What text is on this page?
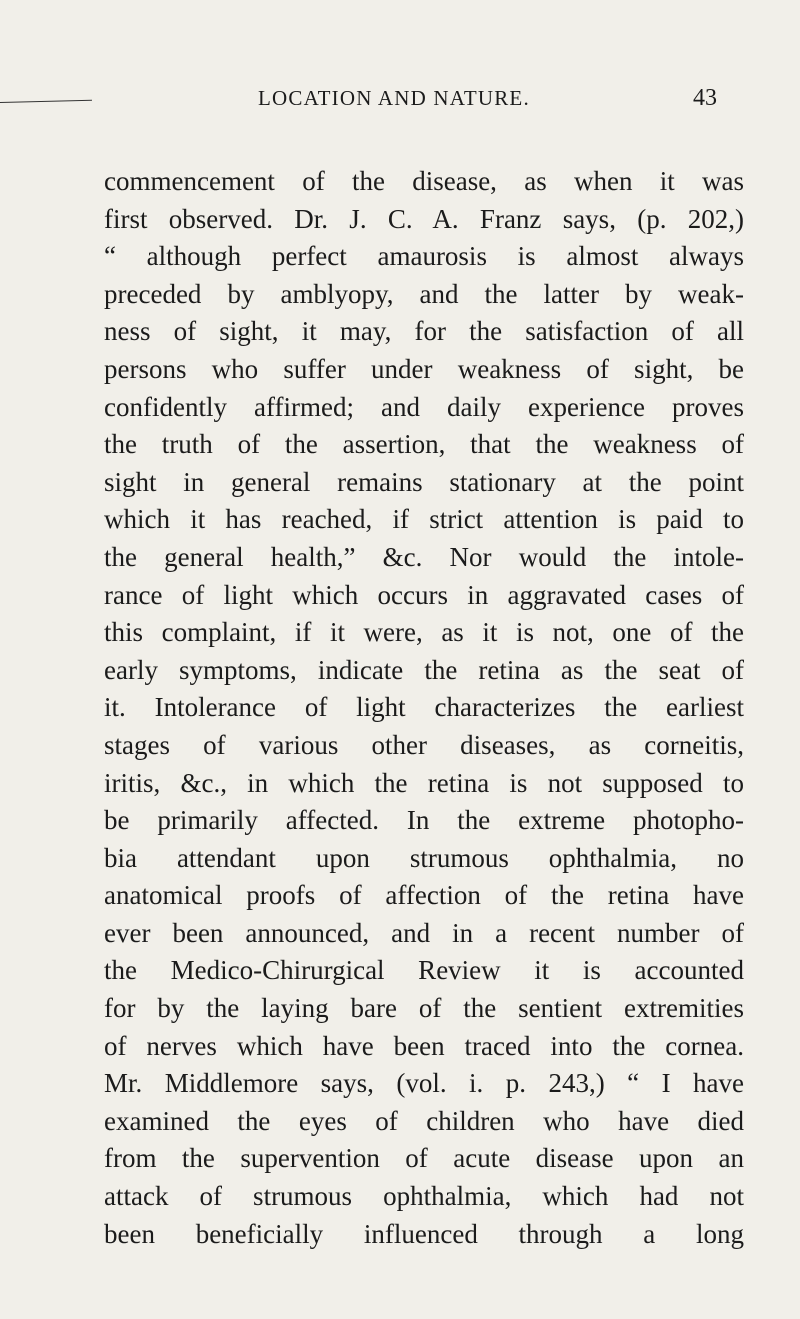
LOCATION AND NATURE.	43
commencement of the disease, as when it was
first observed. Dr. J. C. A. Franz says, (p. 202,)
“ although perfect amaurosis is almost always
preceded by amblyopy, and the latter by weak-
ness of sight, it may, for the satisfaction of all
persons who suffer under weakness of sight, be
confidently affirmed; and daily experience proves
the truth of the assertion, that the weakness of
sight in general remains stationary at the point
which it has reached, if strict attention is paid to
the general health,” &c. Nor would the intole-
rance of light which occurs in aggravated cases of
this complaint, if it were, as it is not, one of the
early symptoms, indicate the retina as the seat of
it. Intolerance of light characterizes the earliest
stages of various other diseases, as corneitis,
iritis, &c., in which the retina is not supposed to
be primarily affected. In the extreme photopho-
bia attendant upon strumous ophthalmia, no
anatomical proofs of affection of the retina have
ever been announced, and in a recent number of
the Medico-Chirurgical Review it is accounted
for by the laying bare of the sentient extremities
of nerves which have been traced into the cornea.
Mr. Middlemore says, (vol. i. p. 243,) “ I have
examined the eyes of children who have died
from the supervention of acute disease upon an
attack of strumous ophthalmia, which had not
been beneficially influenced through a long
